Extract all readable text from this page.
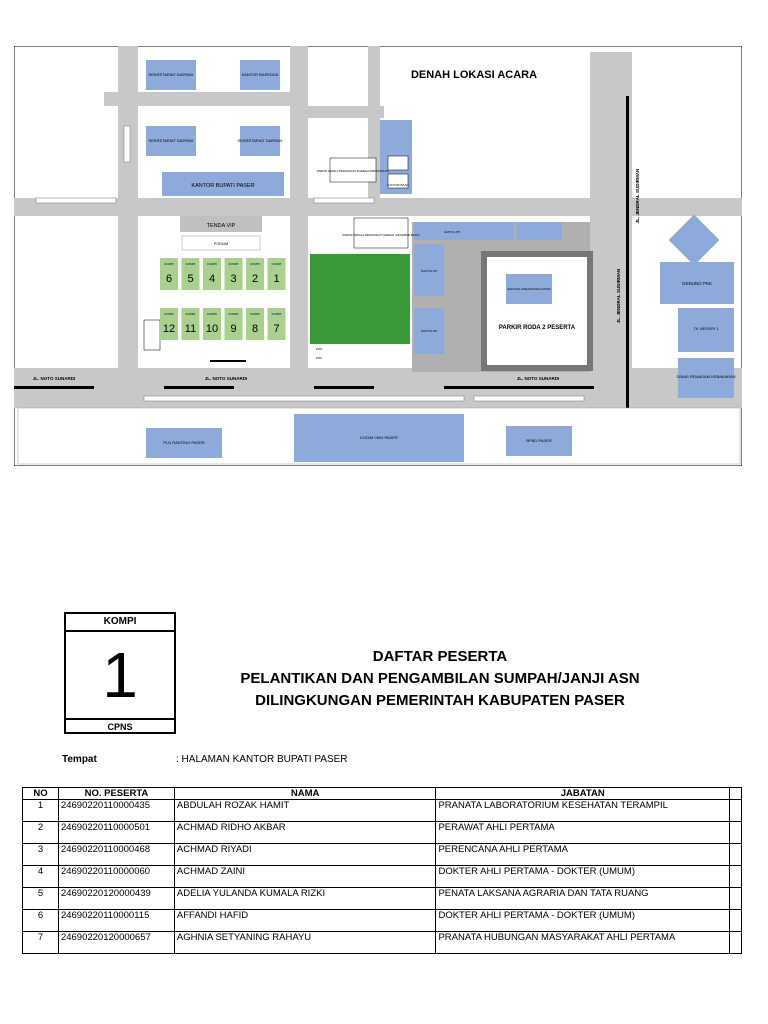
TENDA VIP
PODIUM
KOMPI
6
KOMPI
5
KOMPI
4
KOMPI
3
KOMPI
2
KOMPI
1
KOMPI
12
KOMPI
11
KOMPI
10
KOMPI
9
KOMPI
8
KOMPI
7
SEKRETARIAT DAERAH	KANTOR BAPEDDA
SEKRETARIAT DAERAH	SEKRETARIAT DAERAH
KANTOR BUPATI PASER
GEDUNG PKK
TK NEGERI 1
DINAS PEMADAM KEBAKARAN
PLN RANTING PASER
KODIM 0904 PASER
BPBD PASER
PARKIR RODA 2 PESERTA
GEDUNG ANDANDASKA MUDA
SATPOL PP
SATPOL PP
SATPOL PP
KANTOR BAAD
PARKIR KEPALA PERANGKAT DAERAH (DEPAN BKAD)
PARKIR KEPALA PERANGKAT DAERAH (SETAPAKE BKAD)
POS
POS
DENAH LOKASI ACARA
JL. NOTO SUNARDI	JL. NOTO SUNARDI	JL. NOTO SUNARDI
JL. JENDRAL SUDIRMAN
JL. JENDRAL SUDIRMAN
KOMPI
1
CPNS
DAFTAR PESERTA
PELANTIKAN DAN PENGAMBILAN SUMPAH/JANJI ASN
DILINGKUNGAN PEMERINTAH KABUPATEN PASER
Tempat	: HALAMAN KANTOR BUPATI PASER
NO	NO. PESERTA	NAMA	JABATAN	
1	24690220110000435	ABDULAH ROZAK HAMIT	PRANATA LABORATORIUM KESEHATAN TERAMPIL	
2	24690220110000501	ACHMAD RIDHO AKBAR	PERAWAT AHLI PERTAMA	
3	24690220110000468	ACHMAD RIYADI	PERENCANA AHLI PERTAMA	
4	24690220110000060	ACHMAD ZAINI	DOKTER AHLI PERTAMA - DOKTER (UMUM)	
5	24690220120000439	ADELIA YULANDA KUMALA RIZKI	PENATA LAKSANA AGRARIA DAN TATA RUANG	
6	24690220110000115	AFFANDI HAFID	DOKTER AHLI PERTAMA - DOKTER (UMUM)	
7	24690220120000657	AGHNIA SETYANING RAHAYU	PRANATA HUBUNGAN MASYARAKAT AHLI PERTAMA	
